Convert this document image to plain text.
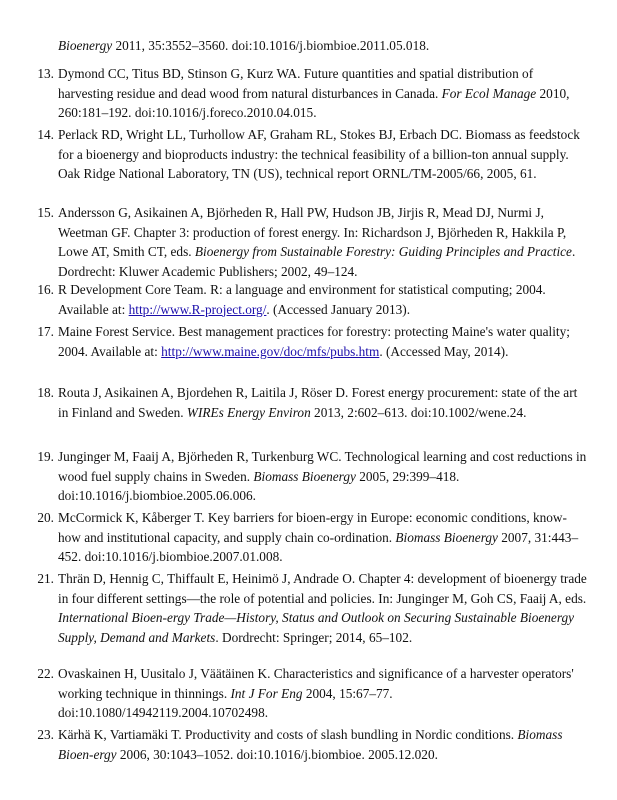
Bioenergy 2011, 35:3552–3560. doi:10.1016/j.biombioe.2011.05.018.
13. Dymond CC, Titus BD, Stinson G, Kurz WA. Future quantities and spatial distribution of harvesting residue and dead wood from natural disturbances in Canada. For Ecol Manage 2010, 260:181–192. doi:10.1016/j.foreco.2010.04.015.
14. Perlack RD, Wright LL, Turhollow AF, Graham RL, Stokes BJ, Erbach DC. Biomass as feedstock for a bioenergy and bioproducts industry: the technical feasibility of a billion-ton annual supply. Oak Ridge National Laboratory, TN (US), technical report ORNL/TM-2005/66, 2005, 61.
15. Andersson G, Asikainen A, Björheden R, Hall PW, Hudson JB, Jirjis R, Mead DJ, Nurmi J, Weetman GF. Chapter 3: production of forest energy. In: Richardson J, Björheden R, Hakkila P, Lowe AT, Smith CT, eds. Bioenergy from Sustainable Forestry: Guiding Principles and Practice. Dordrecht: Kluwer Academic Publishers; 2002, 49–124.
16. R Development Core Team. R: a language and environment for statistical computing; 2004. Available at: http://www.R-project.org/. (Accessed January 2013).
17. Maine Forest Service. Best management practices for forestry: protecting Maine's water quality; 2004. Available at: http://www.maine.gov/doc/mfs/pubs.htm. (Accessed May, 2014).
18. Routa J, Asikainen A, Bjordehen R, Laitila J, Röser D. Forest energy procurement: state of the art in Finland and Sweden. WIREs Energy Environ 2013, 2:602–613. doi:10.1002/wene.24.
19. Junginger M, Faaij A, Björheden R, Turkenburg WC. Technological learning and cost reductions in wood fuel supply chains in Sweden. Biomass Bioenergy 2005, 29:399–418. doi:10.1016/j.biombioe.2005.06.006.
20. McCormick K, Kåberger T. Key barriers for bioen-ergy in Europe: economic conditions, know-how and institutional capacity, and supply chain co-ordination. Biomass Bioenergy 2007, 31:443–452. doi:10.1016/j.biombioe.2007.01.008.
21. Thrän D, Hennig C, Thiffault E, Heinimö J, Andrade O. Chapter 4: development of bioenergy trade in four different settings—the role of potential and policies. In: Junginger M, Goh CS, Faaij A, eds. International Bioen-ergy Trade—History, Status and Outlook on Securing Sustainable Bioenergy Supply, Demand and Markets. Dordrecht: Springer; 2014, 65–102.
22. Ovaskainen H, Uusitalo J, Väätäinen K. Characteristics and significance of a harvester operators' working technique in thinnings. Int J For Eng 2004, 15:67–77. doi:10.1080/14942119.2004.10702498.
23. Kärhä K, Vartiamäki T. Productivity and costs of slash bundling in Nordic conditions. Biomass Bioen-ergy 2006, 30:1043–1052. doi:10.1016/j.biombioe. 2005.12.020.
